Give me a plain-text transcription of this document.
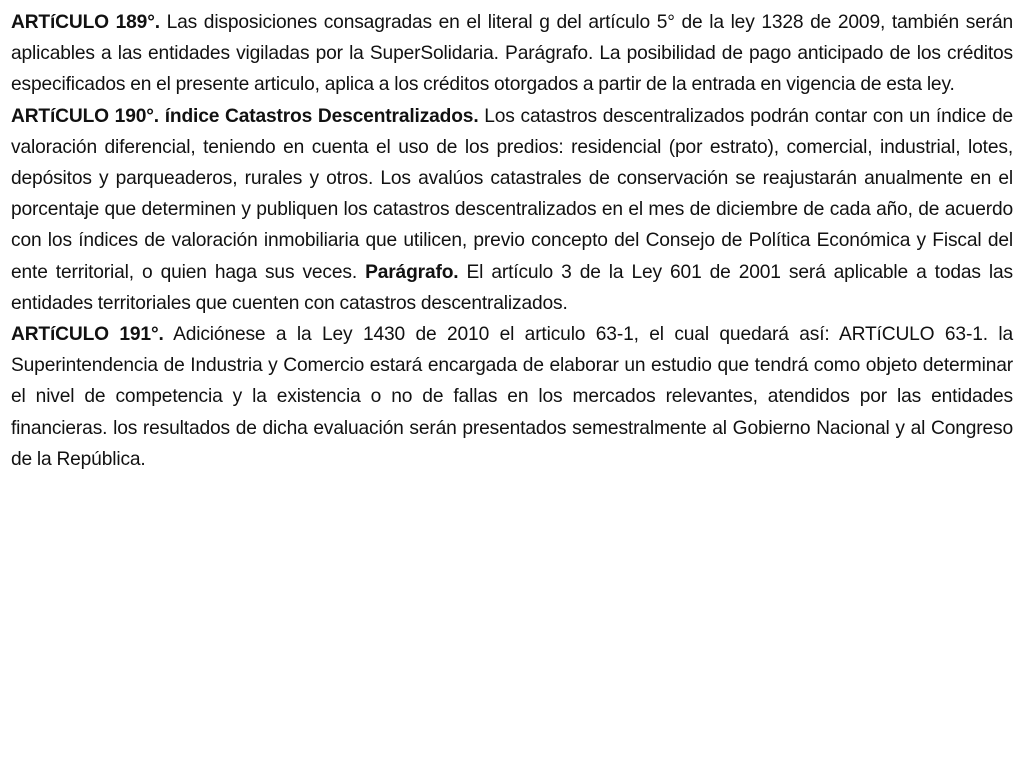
ARTíCULO 189°. Las disposiciones consagradas en el literal g del artículo 5° de la ley 1328 de 2009, también serán aplicables a las entidades vigiladas por la SuperSolidaria. Parágrafo. La posibilidad de pago anticipado de los créditos especificados en el presente articulo, aplica a los créditos otorgados a partir de la entrada en vigencia de esta ley.

ARTíCULO 190°. índice Catastros Descentralizados. Los catastros descentralizados podrán contar con un índice de valoración diferencial, teniendo en cuenta el uso de los predios: residencial (por estrato), comercial, industrial, lotes, depósitos y parqueaderos, rurales y otros. Los avalúos catastrales de conservación se reajustarán anualmente en el porcentaje que determinen y publiquen los catastros descentralizados en el mes de diciembre de cada año, de acuerdo con los índices de valoración inmobiliaria que utilicen, previo concepto del Consejo de Política Económica y Fiscal del ente territorial, o quien haga sus veces. Parágrafo. El artículo 3 de la Ley 601 de 2001 será aplicable a todas las entidades territoriales que cuenten con catastros descentralizados.

ARTíCULO 191°. Adiciónese a la Ley 1430 de 2010 el articulo 63-1, el cual quedará así: ARTíCULO 63-1. la Superintendencia de Industria y Comercio estará encargada de elaborar un estudio que tendrá como objeto determinar el nivel de competencia y la existencia o no de fallas en los mercados relevantes, atendidos por las entidades financieras. los resultados de dicha evaluación serán presentados semestralmente al Gobierno Nacional y al Congreso de la República.
